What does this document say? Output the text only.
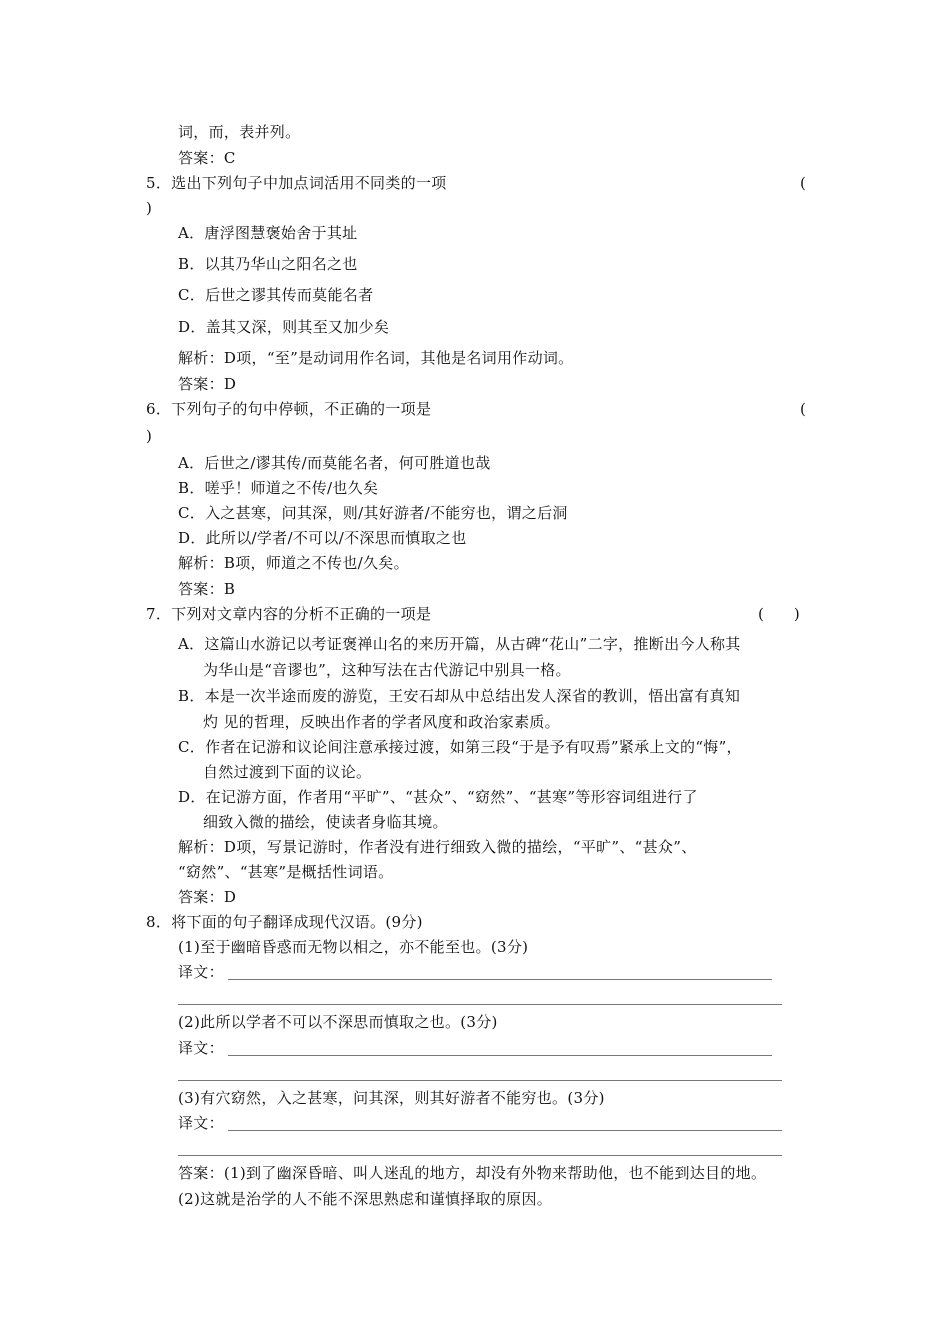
词，而，表并列。
答案：C
5．选出下列句子中加点词活用不同类的一项	(
)
A．唐浮图慧褒始舍于其址
B．以其乃华山之阳名之也
C．后世之谬其传而莫能名者
D．盖其又深，则其至又加少矣
解析：D项，“至”是动词用作名词，其他是名词用作动词。
答案：D
6．下列句子的句中停顿，不正确的一项是	(
)
A．后世之/谬其传/而莫能名者，何可胜道也哉
B．嗟乎！师道之不传/也久矣
C．入之甚寒，问其深，则/其好游者/不能穷也，谓之后洞
D．此所以/学者/不可以/不深思而慎取之也
解析：B项，师道之不传也/久矣。
答案：B
7．下列对文章内容的分析不正确的一项是	(　　)
A．这篇山水游记以考证褒禅山名的来历开篇，从古碑“花山”二字，推断出今人称其
为华山是“音谬也”，这种写法在古代游记中别具一格。
B．本是一次半途而废的游览，王安石却从中总结出发人深省的教训，悟出富有真知
灼 见的哲理，反映出作者的学者风度和政治家素质。
C．作者在记游和议论间注意承接过渡，如第三段“于是予有叹焉”紧承上文的“悔”，
自然过渡到下面的议论。
D．在记游方面，作者用“平旷”、“甚众”、“窈然”、“甚寒”等形容词组进行了
细致入微的描绘，使读者身临其境。
解析：D项，写景记游时，作者没有进行细致入微的描绘，“平旷”、“甚众”、
“窈然”、“甚寒”是概括性词语。
答案：D
8．将下面的句子翻译成现代汉语。(9分)
(1)至于幽暗昏惑而无物以相之，亦不能至也。(3分)
译文：
(2)此所以学者不可以不深思而慎取之也。(3分)
译文：
(3)有穴窈然，入之甚寒，问其深，则其好游者不能穷也。(3分)
译文：
答案：(1)到了幽深昏暗、叫人迷乱的地方，却没有外物来帮助他，也不能到达目的地。
(2)这就是治学的人不能不深思熟虑和谨慎择取的原因。
